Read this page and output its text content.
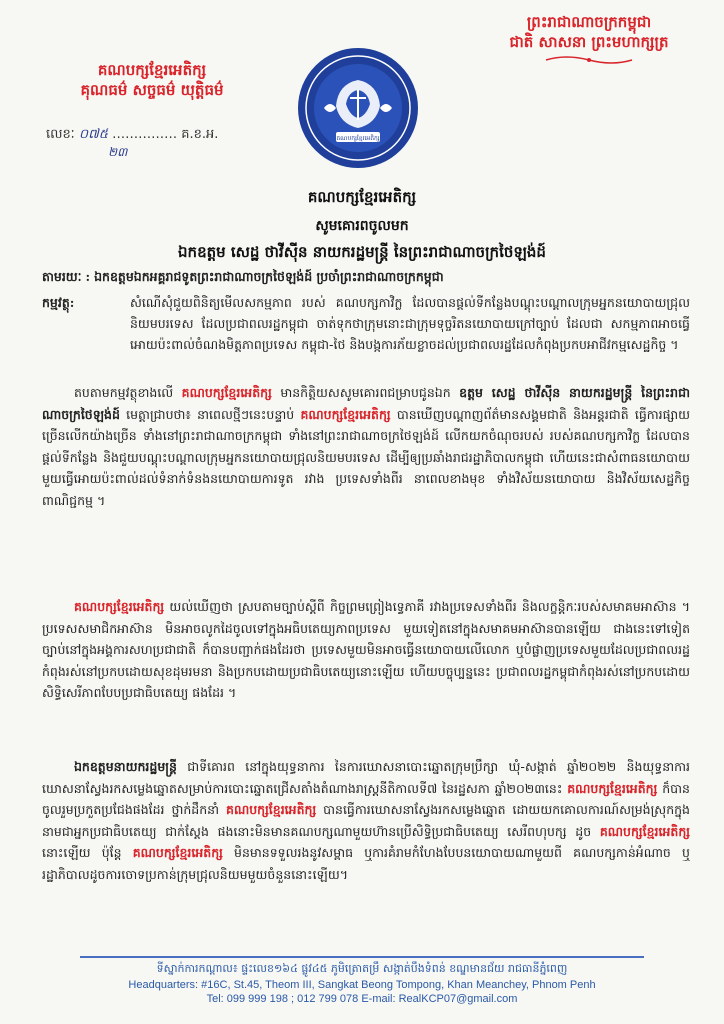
ព្រះរាជាណាចក្រកម្ពុជា
ជាតិ សាសនា ព្រះមហាក្សត្រ
គណបក្សខ្មែរអេតិក្ស
គុណធម៌ សច្ចធម៌ យុត្តិធម៌
លេខៈ ០៧៥ …………… គ.ខ.អ.
២៣
គណបក្សខ្មែរអេតិក្ស
គណបក្សខ្មែរអេតិក្ស
សូមគោរពចូលមក
ឯកឧត្តម សេដ្ឋ ថាវីស៊ីន នាយករដ្ឋមន្ត្រី នៃព្រះរាជាណាចក្រថៃឡង់ដ៍
តាមរយៈ : ឯកឧត្តមឯកអគ្គរាជទូតព្រះរាជាណាចក្រថៃឡង់ដ៍ ប្រចាំព្រះរាជាណាចក្រកម្ពុជា
កម្មវត្ថុ:	សំណើសុំជួយពិនិត្យមើលសកម្មភាព របស់ គណបក្សកាវិក្ល ដែលបានផ្តល់ទីកន្លែងបណ្តុះបណ្តាលក្រុមអ្នកនយោបាយជ្រុលនិយមបរទេស ដែលប្រជាពលរដ្ឋកម្ពុជា ចាត់ទុកថាក្រុមនោះជាក្រុមទុច្ចរិតនយោបាយក្រៅច្បាប់ ដែលជា សកម្មភាពអាចធ្វើអោយប៉ះពាល់ចំណងមិត្តភាពប្រទេស កម្ពុជា-ថៃ និងបង្កការភ័យខ្លាចដល់ប្រជាពលរដ្ឋដែលកំពុងប្រកបអាជីវកម្មសេដ្ឋកិច្ច ។
តបតាមកម្មវត្ថុខាងលើ គណបក្សខ្មែរអេតិក្ស មានកិត្តិយសសូមគោរពជម្រាបជូនឯក ឧត្តម សេដ្ឋ ថាវីស៊ីន នាយករដ្ឋមន្ត្រី នៃព្រះរាជាណាចក្រថៃឡង់ដ៍ មេត្តាជ្រាបថា៖ នាពេលថ្មីៗនេះបន្ទាប់ គណបក្សខ្មែរអេតិក្ស បានឃើញបណ្តាញព័ត៌មានសង្គមជាតិ និងអន្តរជាតិ ធ្វើការផ្សាយច្រើនលើកយ៉ាងច្រើន ទាំងនៅព្រះរាជាណាចក្រកម្ពុជា ទាំងនៅព្រះរាជាណាចក្រថៃឡង់ដ៍ លើកយកចំណុចរបស់ របស់គណបក្សកាវិក្ល ដែលបានផ្តល់ទីកន្លែង និងជួយបណ្តុះបណ្តាលក្រុមអ្នកនយោបាយជ្រុលនិយមបរទេស ដើម្បីឲ្យប្រឆាំងរាជរដ្ឋាភិបាលកម្ពុជា ហើយនេះជាសំពាធនយោបាយមួយធ្វើអោយប៉ះពាល់ដល់ទំនាក់ទំនងនយោបាយការទូត រវាង ប្រទេសទាំងពីរ នាពេលខាងមុខ ទាំងវិស័យនយោបាយ និងវិស័យសេដ្ឋកិច្ច ពាណិជ្ជកម្ម ។
គណបក្សខ្មែរអេតិក្ស យល់ឃើញថា ស្របតាមច្បាប់ស្តីពី កិច្ចព្រមព្រៀងទ្វេភាគី រវាងប្រទេសទាំងពីរ និងលក្ខន្តិកៈរបស់សមាគមអាស៊ាន ។ ប្រទេសសមាជិកអាស៊ាន មិនអាចលូកដៃចូលទៅក្នុងអធិបតេយ្យភាពប្រទេស មួយទៀតនៅក្នុងសមាគមអាស៊ានបានឡើយ ជាងនេះទៅទៀត ច្បាប់នៅក្នុងអង្គការសហប្រជាជាតិ ក៏បានបញ្ជាក់ផងដែរថា ប្រទេសមួយមិនអាចធ្វើនយោបាយលើលោក ឬបំផ្លាញប្រទេសមួយដែលប្រជាពលរដ្ឋកំពុងរស់នៅប្រកបដោយសុខដុមរមនា និងប្រកបដោយប្រជាធិបតេយ្យនោះឡើយ ហើយបច្ចុប្បន្ននេះ ប្រជាពលរដ្ឋកម្ពុជាកំពុងរស់នៅប្រកបដោយសិទ្ធិសេរីភាពបែបប្រជាធិបតេយ្យ ផងដែរ ។
ឯកឧត្តមនាយករដ្ឋមន្ត្រី ជាទីគោរព នៅក្នុងយុទ្ធនាការ នៃការឃោសនាបោះឆ្នោតក្រុមប្រឹក្សា ឃុំ-សង្កាត់ ឆ្នាំ២០២២ និងយុទ្ធនាការឃោសនាស្វែងរកសម្លេងឆ្នោតសម្រាប់ការបោះឆ្នោតជ្រើសតាំងតំណាងរាស្ត្រនីតិកាលទី៧ នៃរដ្ឋសភា ឆ្នាំ២០២៣នេះ គណបក្សខ្មែរអេតិក្ស ក៏បានចូលរួមប្រកួតប្រជែងផងដែរ ថ្នាក់ដឹកនាំ គណបក្សខ្មែរអេតិក្ស បានធ្វើការឃោសនាស្វែងរកសម្លេងឆ្នោត ដោយយកគោលការណ៍សម្រង់ស្រុកក្នុងនាមជាអ្នកប្រជាធិបតេយ្យ ជាក់ស្តែង ផងនោះមិនមានគណបក្សណាមួយហ៊ានប្រើសិទ្ធិប្រជាធិបតេយ្យ សេរីពហុបក្ស ដូច គណបក្សខ្មែរអេតិក្ស នោះឡើយ ប៉ុន្តែ គណបក្សខ្មែរអេតិក្ស មិនមានទទួលរងនូវសម្ពាធ ឬការគំរាមកំហែងបែបនយោបាយណាមួយពី គណបក្សកាន់អំណាច ឬ រដ្ឋាភិបាលដូចការចោទប្រកាន់ក្រុមជ្រុលនិយមមួយចំនួននោះឡើយ។
ទីស្នាក់ការកណ្តាល៖ ផ្ទះលេខ១៦៤ ផ្លូវ៤៥ ភូមិត្រោតម្រឹ សង្កាត់បឹងទំពន់ ខណ្ឌមានជ័យ រាជធានីភ្នំពេញ
Headquarters: #16C, St.45, Theom III, Sangkat Beong Tompong, Khan Meanchey, Phnom Penh
Tel: 099 999 198 ; 012 799 078 E-mail: RealKCP07@gmail.com
